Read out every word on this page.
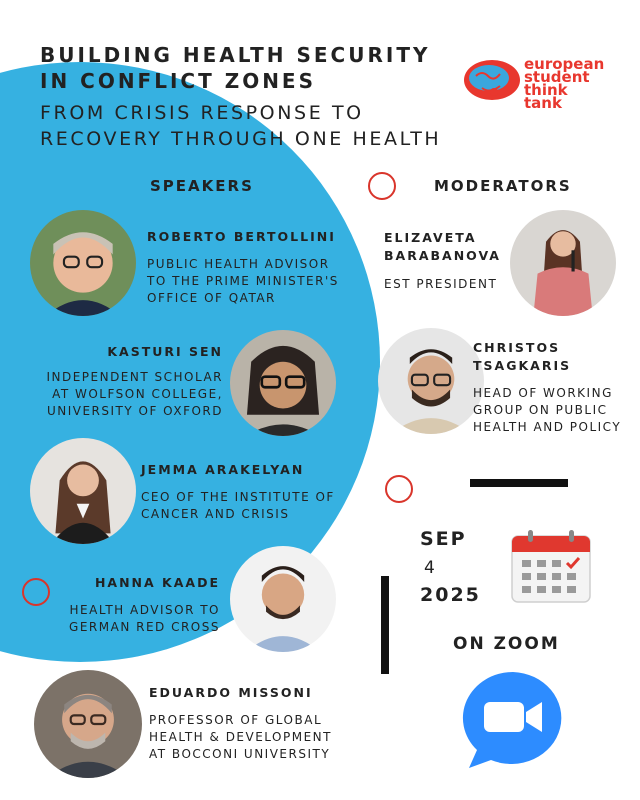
BUILDING HEALTH SECURITY
IN CONFLICT ZONES
FROM CRISIS RESPONSE TO
RECOVERY THROUGH ONE HEALTH
european
student
think
tank
SPEAKERS	MODERATORS
ROBERTO BERTOLLINI
PUBLIC HEALTH ADVISOR
TO THE PRIME MINISTER'S
OFFICE OF QATAR
KASTURI SEN
INDEPENDENT SCHOLAR
AT WOLFSON COLLEGE,
UNIVERSITY OF OXFORD
JEMMA ARAKELYAN
CEO OF THE INSTITUTE OF
CANCER AND CRISIS
HANNA KAADE
HEALTH ADVISOR TO
GERMAN RED CROSS
EDUARDO MISSONI
PROFESSOR OF GLOBAL
HEALTH & DEVELOPMENT
AT BOCCONI UNIVERSITY
ELIZAVETA
BARABANOVA
EST PRESIDENT
CHRISTOS
TSAGKARIS
HEAD OF WORKING
GROUP ON PUBLIC
HEALTH AND POLICY
SEP
4
2025
ON ZOOM
